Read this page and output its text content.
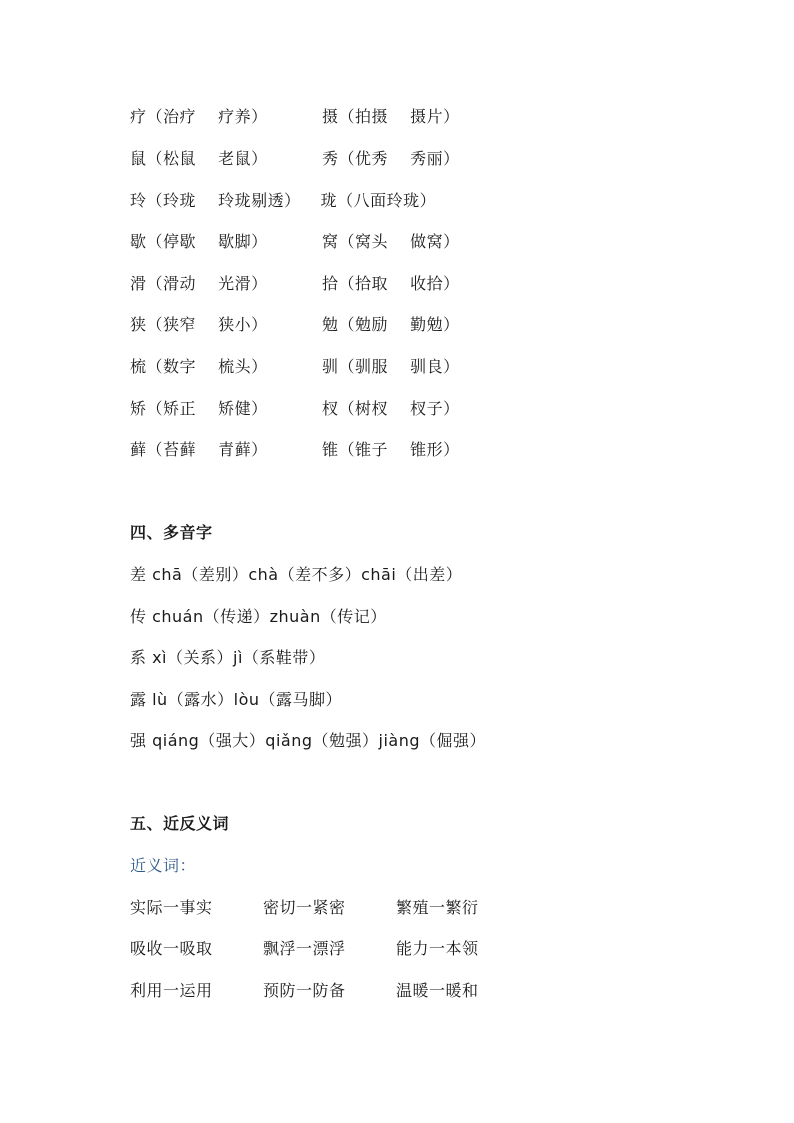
疗（治疗　 疗养）	摄（拍摄　 摄片）
鼠（松鼠　 老鼠）	秀（优秀　 秀丽）
玲（玲珑　 玲珑剔透） 珑（八面玲珑）
歇（停歇　 歇脚）	窝（窝头　 做窝）
滑（滑动　 光滑）	拾（拾取　 收拾）
狭（狭窄　 狭小）	勉（勉励　 勤勉）
梳（数字　 梳头）	驯（驯服　 驯良）
矫（矫正　 矫健）	杈（树杈　 杈子）
藓（苔藓　 青藓）	锥（锥子　 锥形）
四、多音字
差 chā（差别）chà（差不多）chāi（出差）
传 chuán（传递）zhuàn（传记）
系 xì（关系）jì（系鞋带）
露 lù（露水）lòu（露马脚）
强 qiáng（强大）qiǎng（勉强）jiàng（倔强）
五、近反义词
近义词：
实际一事实	密切一紧密	繁殖一繁衍
吸收一吸取	飘浮一漂浮	能力一本领
利用一运用	预防一防备	温暖一暖和
